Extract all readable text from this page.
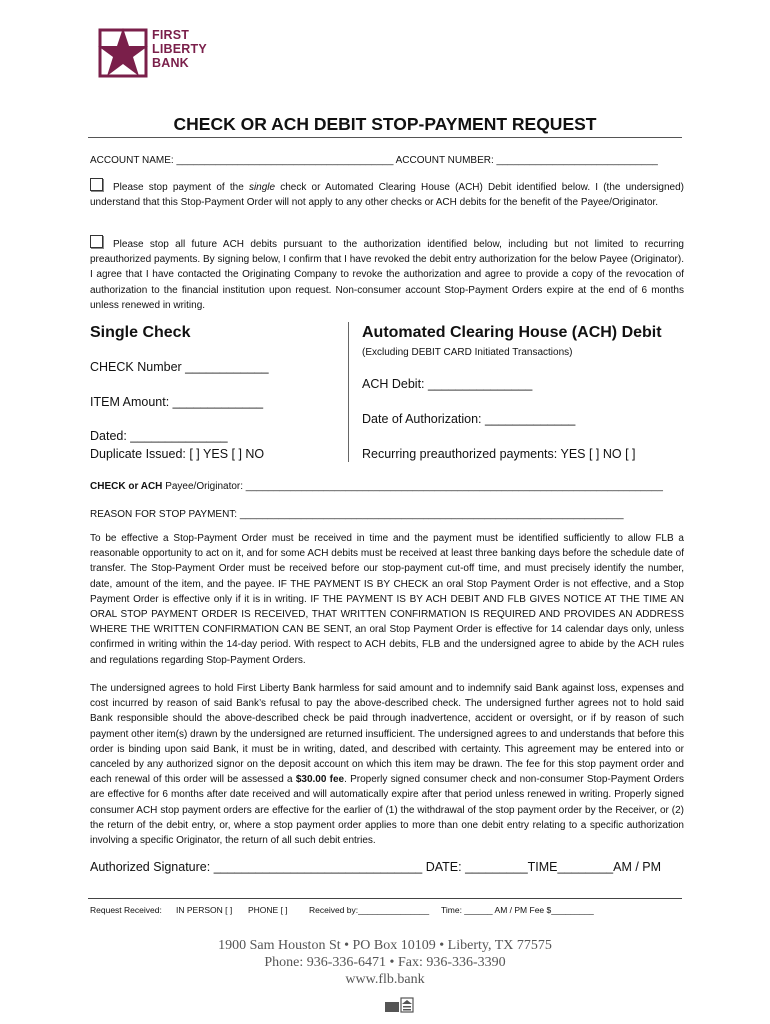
FIRST
LIBERTY
BANK
CHECK OR ACH DEBIT STOP-PAYMENT REQUEST
ACCOUNT NAME: _______________________________________ ACCOUNT NUMBER: _____________________________
Please stop payment of the single check or Automated Clearing House (ACH) Debit identified below. I (the undersigned) understand that this Stop-Payment Order will not apply to any other checks or ACH debits for the benefit of the Payee/Originator.
Please stop all future ACH debits pursuant to the authorization identified below, including but not limited to recurring preauthorized payments. By signing below, I confirm that I have revoked the debit entry authorization for the below Payee (Originator). I agree that I have contacted the Originating Company to revoke the authorization and agree to provide a copy of the revocation of authorization to the financial institution upon request. Non-consumer account Stop-Payment Orders expire at the end of 6 months unless renewed in writing.
Single Check
CHECK Number ____________
ITEM Amount: _____________
Dated: ______________
Duplicate Issued: [ ] YES [ ] NO
Automated Clearing House (ACH) Debit
(Excluding DEBIT CARD Initiated Transactions)
ACH Debit: _______________
Date of Authorization: _____________
Recurring preauthorized payments: YES [ ] NO [ ]
CHECK or ACH Payee/Originator: ___________________________________________________________________________
REASON FOR STOP PAYMENT: _____________________________________________________________________
To be effective a Stop-Payment Order must be received in time and the payment must be identified sufficiently to allow FLB a reasonable opportunity to act on it, and for some ACH debits must be received at least three banking days before the schedule date of transfer. The Stop-Payment Order must be received before our stop-payment cut-off time, and must precisely identify the number, date, amount of the item, and the payee. IF THE PAYMENT IS BY CHECK an oral Stop Payment Order is not effective, and a Stop Payment Order is effective only if it is in writing. IF THE PAYMENT IS BY ACH DEBIT AND FLB GIVES NOTICE AT THE TIME AN ORAL STOP PAYMENT ORDER IS RECEIVED, THAT WRITTEN CONFIRMATION IS REQUIRED AND PROVIDES AN ADDRESS WHERE THE WRITTEN CONFIRMATION CAN BE SENT, an oral Stop Payment Order is effective for 14 calendar days only, unless confirmed in writing within the 14-day period. With respect to ACH debits, FLB and the undersigned agree to abide by the ACH rules and regulations regarding Stop-Payment Orders.
The undersigned agrees to hold First Liberty Bank harmless for said amount and to indemnify said Bank against loss, expenses and cost incurred by reason of said Bank’s refusal to pay the above-described check. The undersigned further agrees not to hold said Bank responsible should the above-described check be paid through inadvertence, accident or oversight, or if by reason of such payment other item(s) drawn by the undersigned are returned insufficient. The undersigned agrees to and understands that before this order is binding upon said Bank, it must be in writing, dated, and described with certainty. This agreement may be entered into or canceled by any authorized signor on the deposit account on which this item may be drawn. The fee for this stop payment order and each renewal of this order will be assessed a $30.00 fee. Properly signed consumer check and non-consumer Stop-Payment Orders are effective for 6 months after date received and will automatically expire after that period unless renewed in writing. Properly signed consumer ACH stop payment orders are effective for the earlier of (1) the withdrawal of the stop payment order by the Receiver, or (2) the return of the debit entry, or, where a stop payment order applies to more than one debit entry relating to a specific authorization involving a specific Originator, the return of all such debit entries.
Authorized Signature: ______________________________ DATE: _________TIME________AM / PM
Request Received: IN PERSON [ ] PHONE [ ]	Received by:_______________ Time: ______ AM / PM Fee $_________
1900 Sam Houston St • PO Box 10109 • Liberty, TX 77575
Phone: 936-336-6471 • Fax: 936-336-3390
www.flb.bank
